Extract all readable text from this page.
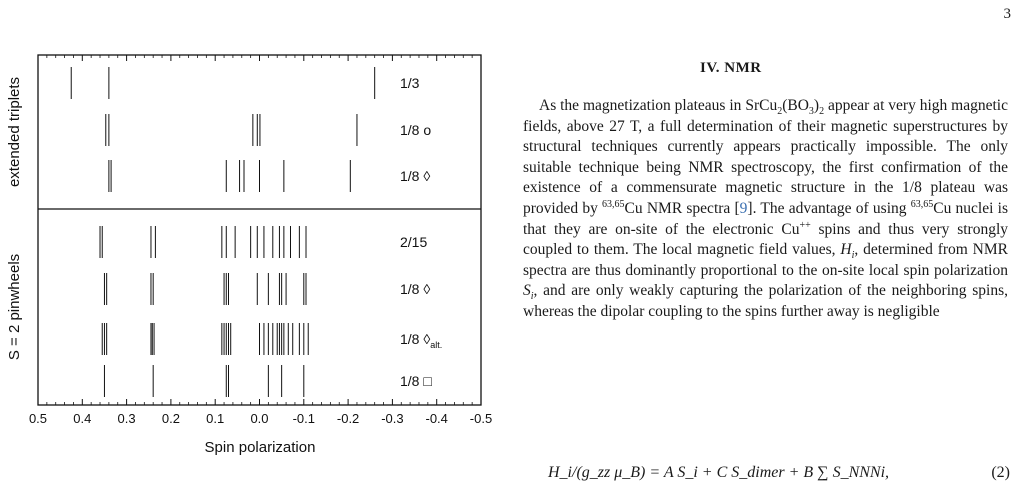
3
0.5 0.4 0.3 0.2 0.1 0.0 -0.1 -0.2 -0.3 -0.4 -0.5
1/3
1/8 o
1/8 ◊
2/15
1/8 ◊
1/8 $◊_{alt.}$
1/8 □
extended triplets
S = 2 pinwheels
Spin polarization
IV. NMR

As the magnetization plateaus in $SrCu_2(BO_3)_2$ appear at very high magnetic fields, above 27 T, a full determination of their magnetic superstructures by structural techniques currently appears practically impossible. The only suitable technique being NMR spectroscopy, the first confirmation of the existence of a commensurate magnetic structure in the 1/8 plateau was provided by $^{63,65}$Cu NMR spectra [9]. The advantage of using $^{63,65}$Cu nuclei is that they are on-site of the electronic Cu++ spins and thus very strongly coupled to them. The local magnetic field values, $H_i$, determined from NMR spectra are thus dominantly proportional to the on-site local spin polarization $S_i$, and are only weakly capturing the polarization of the neighboring spins, whereas the dipolar coupling to the spins further away is negligible

H_i/(g_zz μ_B) = A S_i + C S_dimer + B ∑ S_NNNi,	(2)
